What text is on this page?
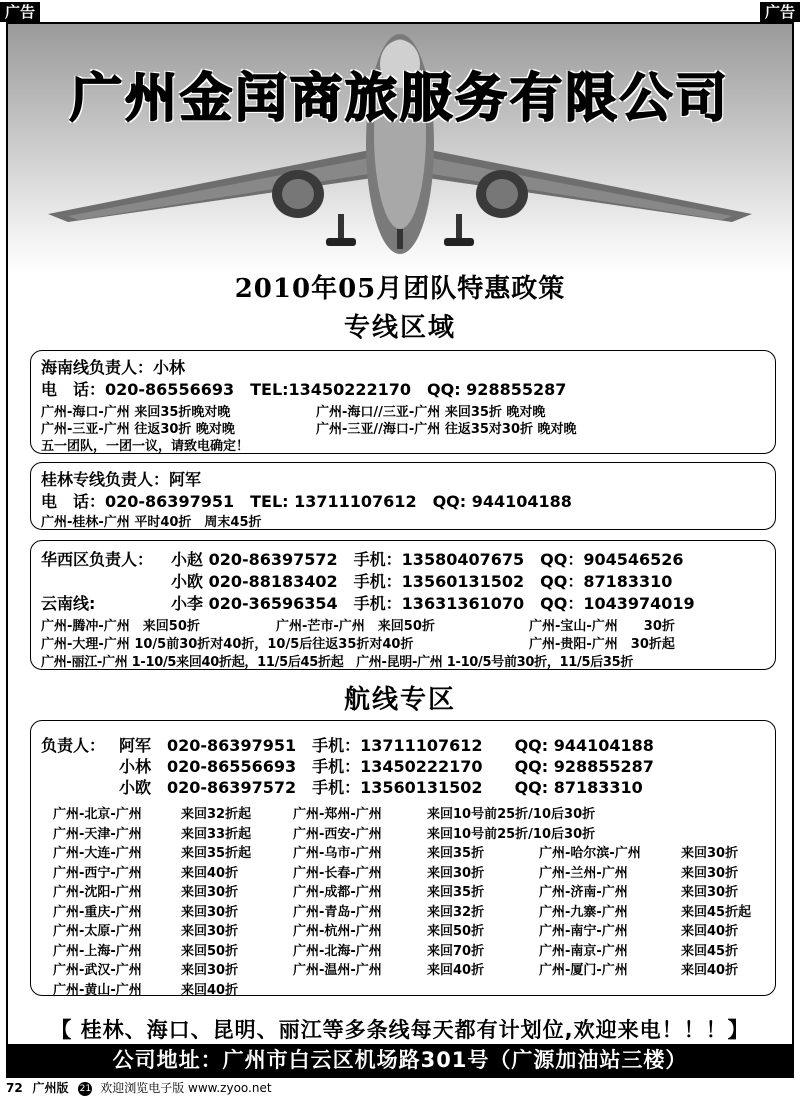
广告	广告
广州金闰商旅服务有限公司
2010年05月团队特惠政策
专线区域
海南线负责人：小林
电　话：020-86556693　TEL:13450222170　QQ: 928855287
广州-海口-广州 来回35折晚对晚	广州-海口//三亚-广州 来回35折 晚对晚
广州-三亚-广州 往返30折 晚对晚	广州-三亚//海口-广州 往返35对30折 晚对晚
五一团队，一团一议，请致电确定！
桂林专线负责人：阿军
电　话：020-86397951　TEL: 13711107612　QQ: 944104188
广州-桂林-广州 平时40折　周末45折
华西区负责人： 小赵 020-86397572　手机：13580407675　QQ：904546526
小欧 020-88183402　手机：13560131502　QQ：87183310
云南线:	小李 020-36596354　手机：13631361070　QQ：1043974019
广州-腾冲-广州　来回50折	广州-芒市-广州　来回50折	广州-宝山-广州　　30折
广州-大理-广州 10/5前30折对40折，10/5后往返35折对40折	广州-贵阳-广州　30折起
广州-丽江-广州 1-10/5来回40折起，11/5后45折起　广州-昆明-广州 1-10/5号前30折，11/5后35折
航线专区
负责人： 阿军　020-86397951　手机：13711107612　　QQ: 944104188
小林　020-86556693　手机：13450222170　　QQ: 928855287
小欧　020-86397572　手机：13560131502　　QQ: 87183310
广州-北京-广州	来回32折起	广州-郑州-广州	来回10号前25折/10后30折
广州-天津-广州	来回33折起	广州-西安-广州	来回10号前25折/10后30折
广州-大连-广州	来回35折起	广州-乌市-广州	来回35折	广州-哈尔滨-广州	来回30折
广州-西宁-广州	来回40折	广州-长春-广州	来回30折	广州-兰州-广州	来回30折
广州-沈阳-广州	来回30折	广州-成都-广州	来回35折	广州-济南-广州	来回30折
广州-重庆-广州	来回30折	广州-青岛-广州	来回32折	广州-九寨-广州	来回45折起
广州-太原-广州	来回30折	广州-杭州-广州	来回50折	广州-南宁-广州	来回40折
广州-上海-广州	来回50折	广州-北海-广州	来回70折	广州-南京-广州	来回45折
广州-武汉-广州	来回30折	广州-温州-广州	来回40折	广州-厦门-广州	来回40折
广州-黄山-广州	来回40折
【 桂林、海口、昆明、丽江等多条线每天都有计划位,欢迎来电！！！】
公司地址：广州市白云区机场路301号（广源加油站三楼）
72 广州版 21 欢迎浏览电子版 www.zyoo.net
